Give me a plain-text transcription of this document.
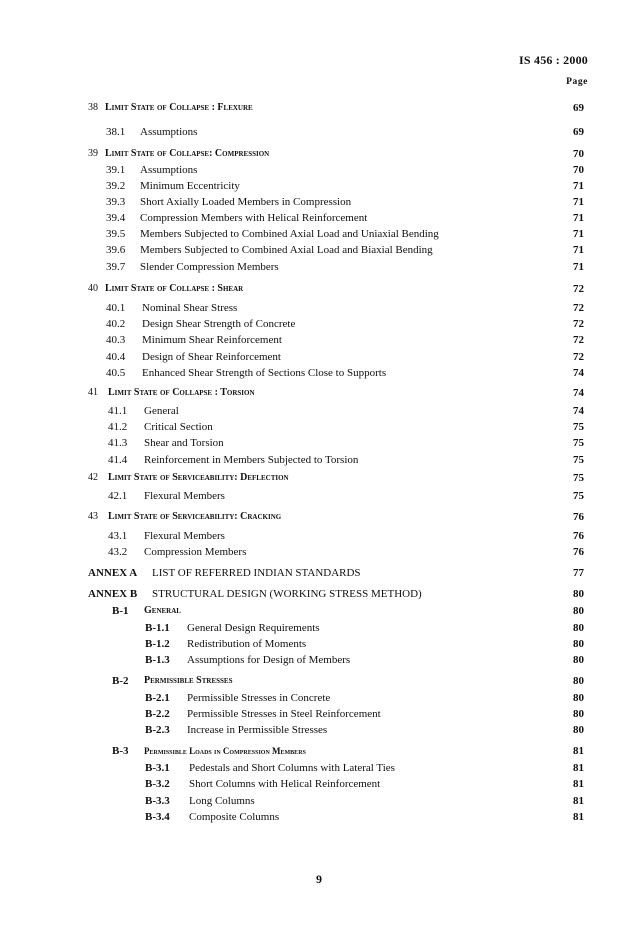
IS 456 : 2000
Page
38 Limit State of Collapse : Flexure	69
38.1 Assumptions	69
39 Limit State of Collapse: Compression	70
39.1 Assumptions	70
39.2 Minimum Eccentricity	71
39.3 Short Axially Loaded Members in Compression	71
39.4 Compression Members with Helical Reinforcement	71
39.5 Members Subjected to Combined Axial Load and Uniaxial Bending	71
39.6 Members Subjected to Combined Axial Load and Biaxial Bending	71
39.7 Slender Compression Members	71
40 Limit State of Collapse : Shear	72
40.1 Nominal Shear Stress	72
40.2 Design Shear Strength of Concrete	72
40.3 Minimum Shear Reinforcement	72
40.4 Design of Shear Reinforcement	72
40.5 Enhanced Shear Strength of Sections Close to Supports	74
41 Limit State of Collapse : Torsion	74
41.1 General	74
41.2 Critical Section	75
41.3 Shear and Torsion	75
41.4 Reinforcement in Members Subjected to Torsion	75
42 Limit State of Serviceability: Deflection	75
42.1 Flexural Members	75
43 Limit State of Serviceability: Cracking	76
43.1 Flexural Members	76
43.2 Compression Members	76
ANNEX A LIST OF REFERRED INDIAN STANDARDS	77
ANNEX B STRUCTURAL DESIGN (WORKING STRESS METHOD)	80
B-1 General	80
B-1.1 General Design Requirements	80
B-1.2 Redistribution of Moments	80
B-1.3 Assumptions for Design of Members	80
B-2 Permissible Stresses	80
B-2.1 Permissible Stresses in Concrete	80
B-2.2 Permissible Stresses in Steel Reinforcement	80
B-2.3 Increase in Permissible Stresses	80
B-3 Permissible Loads in Compression Members	81
B-3.1 Pedestals and Short Columns with Lateral Ties	81
B-3.2 Short Columns with Helical Reinforcement	81
B-3.3 Long Columns	81
B-3.4 Composite Columns	81
9
